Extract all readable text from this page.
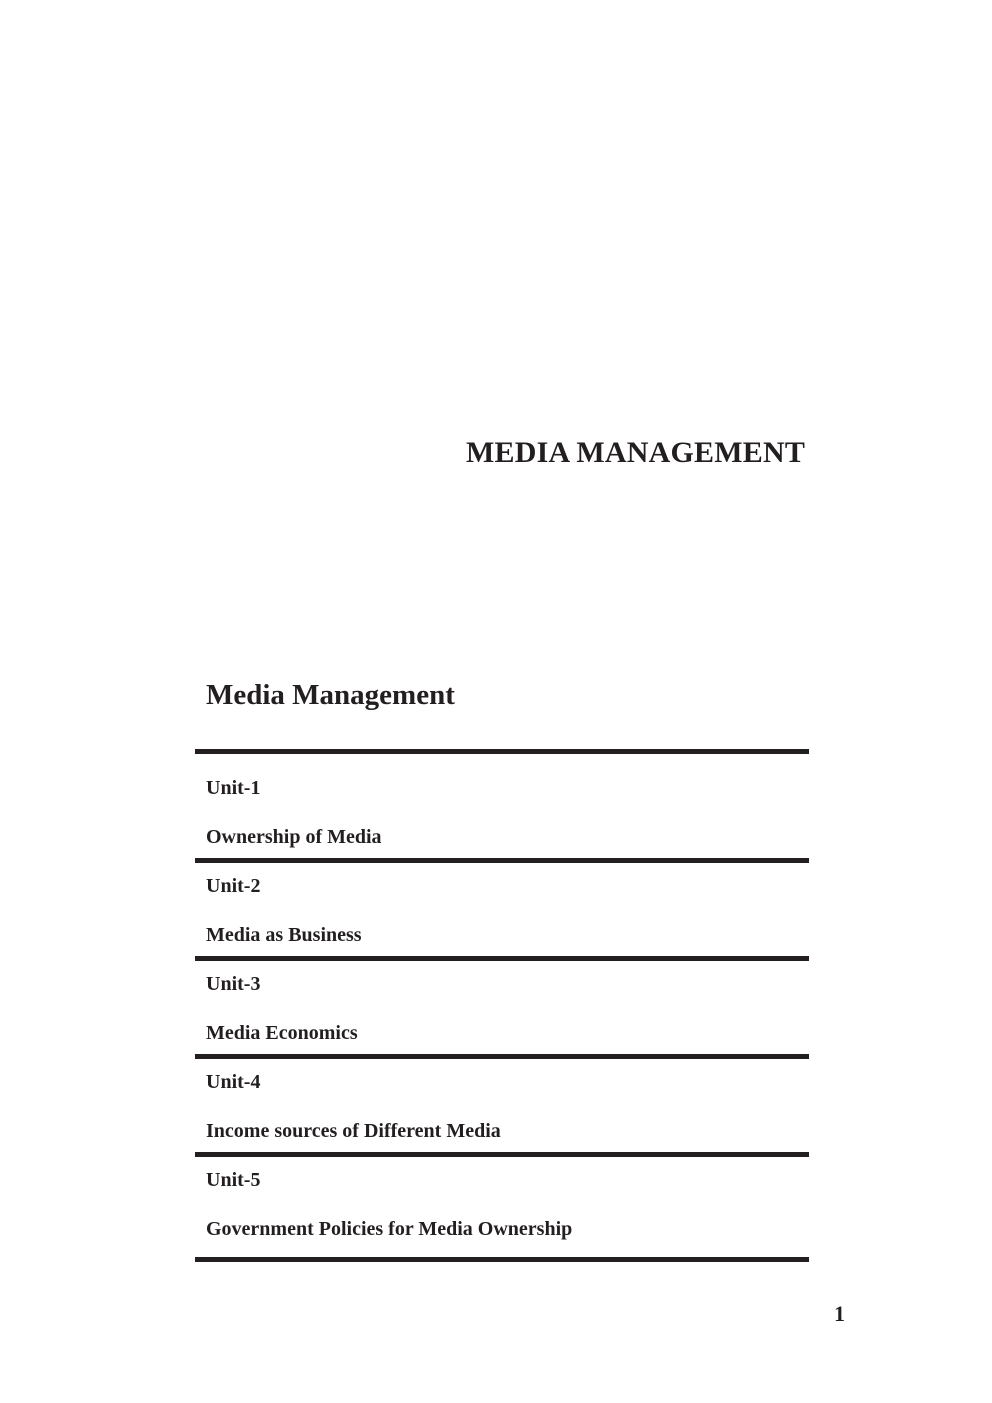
MEDIA MANAGEMENT
Media Management
Unit-1
Ownership of Media
Unit-2
Media as Business
Unit-3
Media Economics
Unit-4
Income sources of Different Media
Unit-5
Government Policies for Media Ownership
1
